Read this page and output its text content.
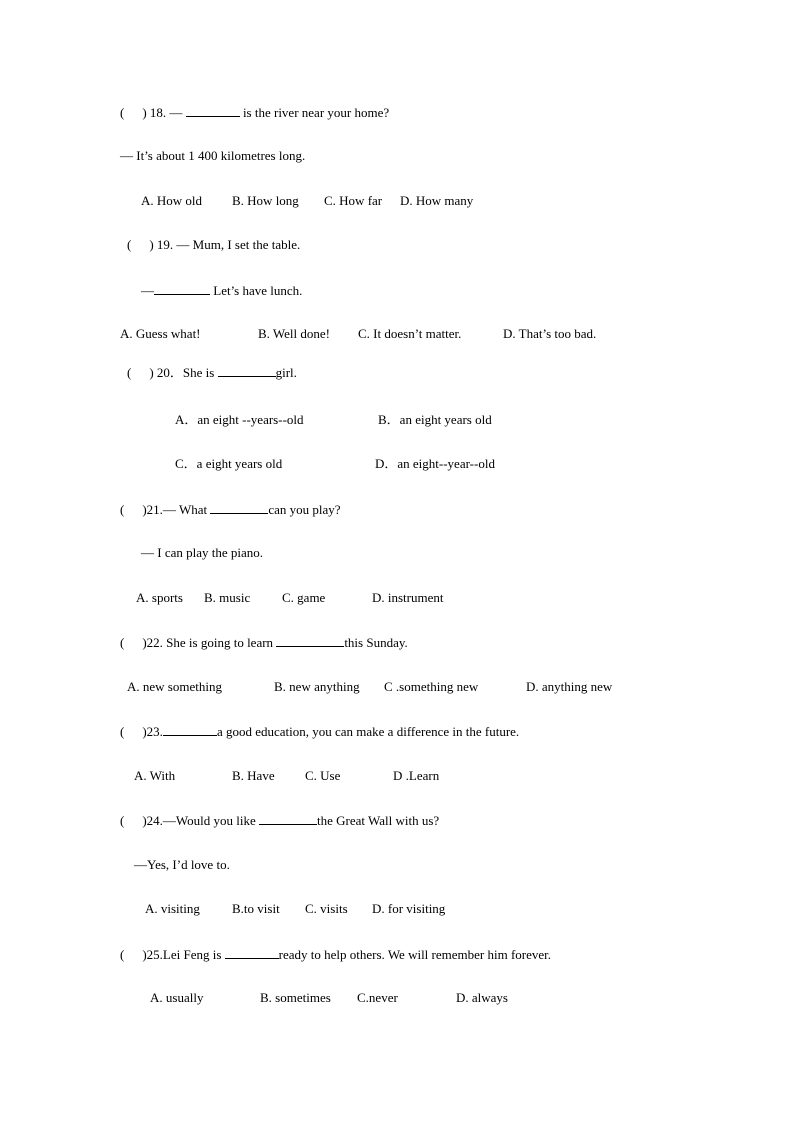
( ) 18. —	is the river near your home?
— It’s about 1 400 kilometres long.
A. How old B. How long C. How far D. How many
( ) 19. — Mum, I set the table.
—	Let’s have lunch.
A. Guess what!	B. Well done! C. It doesn’t matter.	D. That’s too bad.
( ) 20．She is	girl.
A．an eight --years--old	B．an eight years old
C．a eight years old	D．an eight--year--old
( )21.— What	can you play?
— I can play the piano.
A. sports B. music C. game	D. instrument
( )22. She is going to learn	this Sunday.
A. new something	B. new anything C .something new	D. anything new
( )23.	a good education, you can make a difference in the future.
A. With	B. Have C. Use	D .Learn
( )24.—Would you like	the Great Wall with us?
—Yes, I’d love to.
A. visiting B.to visit C. visits D. for visiting
( )25.Lei Feng is	ready to help others. We will remember him forever.
A. usually	B. sometimes C.never	D. always
